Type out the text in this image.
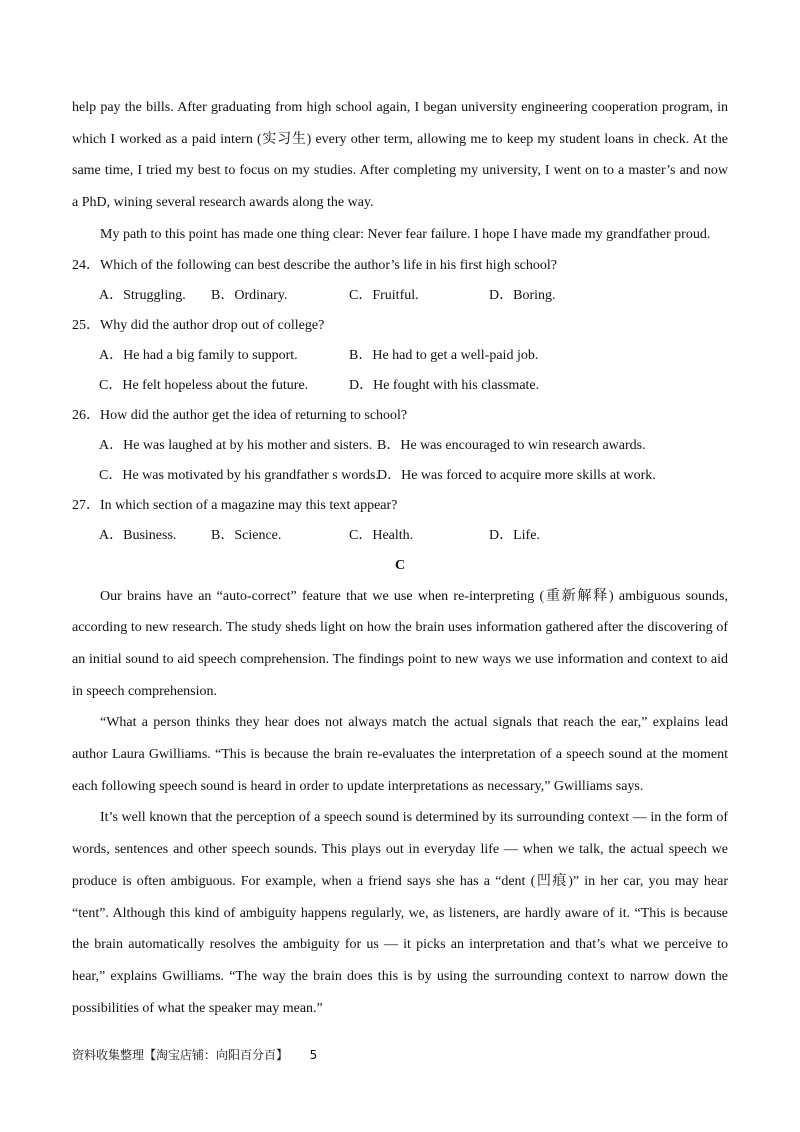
help pay the bills. After graduating from high school again, I began university engineering cooperation program, in

which I worked as a paid intern (实习生) every other term, allowing me to keep my student loans in check. At the

same time, I tried my best to focus on my studies. After completing my university, I went on to a master’s and now

a PhD, wining several research awards along the way.

My path to this point has made one thing clear: Never fear failure. I hope I have made my grandfather proud.

24．Which of the following can best describe the author’s life in his first high school?

A．Struggling.	B．Ordinary.	C．Fruitful.	D．Boring.

25．Why did the author drop out of college?

A．He had a big family to support.	B．He had to get a well-paid job.
C．He felt hopeless about the future.	D．He fought with his classmate.

26．How did the author get the idea of returning to school?

A．He was laughed at by his mother and sisters. B．He was encouraged to win research awards.
C．He was motivated by his grandfather s words.
D．He was forced to acquire more skills at work.

27．In which section of a magazine may this text appear?

A．Business.	B．Science.	C．Health.	D．Life.

C

Our brains have an “auto-correct” feature that we use when re-interpreting (重新解释) ambiguous sounds, according to new research. The study sheds light on how the brain uses information gathered after the discovering of an initial sound to aid speech comprehension. The findings point to new ways we use information and context to aid in speech comprehension.

“What a person thinks they hear does not always match the actual signals that reach the ear,” explains lead author Laura Gwilliams. “This is because the brain re-evaluates the interpretation of a speech sound at the moment each following speech sound is heard in order to update interpretations as necessary,” Gwilliams says.

It’s well known that the perception of a speech sound is determined by its surrounding context — in the form of words, sentences and other speech sounds. This plays out in everyday life — when we talk, the actual speech we produce is often ambiguous. For example, when a friend says she has a “dent (凹痕)” in her car, you may hear “tent”. Although this kind of ambiguity happens regularly, we, as listeners, are hardly aware of it. “This is because the brain automatically resolves the ambiguity for us — it picks an interpretation and that’s what we perceive to hear,” explains Gwilliams. “The way the brain does this is by using the surrounding context to narrow down the possibilities of what the speaker may mean.”

资料收集整理【淘宝店铺：向阳百分百】 5
